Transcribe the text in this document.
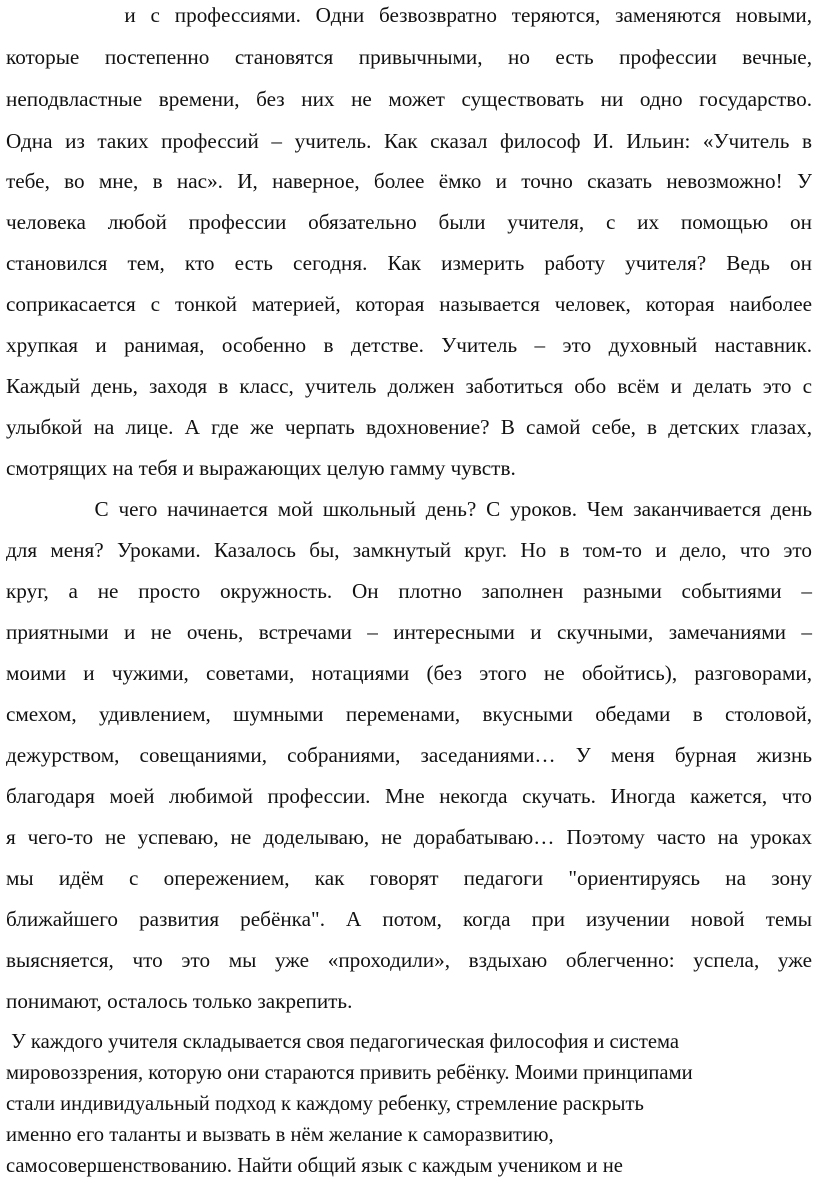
и с профессиями. Одни безвозвратно теряются, заменяются новыми,
которые постепенно становятся привычными, но есть профессии вечные,
неподвластные времени, без них не может существовать ни одно государство.
Одна из таких профессий – учитель. Как сказал философ И. Ильин: «Учитель в
тебе, во мне, в нас». И, наверное, более ёмко и точно сказать невозможно! У
человека любой профессии обязательно были учителя, с их помощью он
становился тем, кто есть сегодня. Как измерить работу учителя? Ведь он
соприкасается с тонкой материей, которая называется человек, которая наиболее
хрупкая и ранимая, особенно в детстве. Учитель – это духовный наставник.
Каждый день, заходя в класс, учитель должен заботиться обо всём и делать это с
улыбкой на лице. А где же черпать вдохновение? В самой себе, в детских глазах,
смотрящих на тебя и выражающих целую гамму чувств.
С чего начинается мой школьный день? С уроков. Чем заканчивается день
для меня? Уроками. Казалось бы, замкнутый круг. Но в том-то и дело, что это
круг, а не просто окружность. Он плотно заполнен разными событиями –
приятными и не очень, встречами – интересными и скучными, замечаниями –
моими и чужими, советами, нотациями (без этого не обойтись), разговорами,
смехом, удивлением, шумными переменами, вкусными обедами в столовой,
дежурством, совещаниями, собраниями, заседаниями… У меня бурная жизнь
благодаря моей любимой профессии. Мне некогда скучать. Иногда кажется, что
я чего-то не успеваю, не доделываю, не дорабатываю… Поэтому часто на уроках
мы идём с опережением, как говорят педагоги "ориентируясь на зону
ближайшего развития ребёнка". А потом, когда при изучении новой темы
выясняется, что это мы уже «проходили», вздыхаю облегченно: успела, уже
понимают, осталось только закрепить.
У каждого учителя складывается своя педагогическая философия и система
мировоззрения, которую они стараются привить ребёнку. Моими принципами
стали индивидуальный подход к каждому ребенку, стремление раскрыть
именно его таланты и вызвать в нём желание к саморазвитию,
самосовершенствованию. Найти общий язык с каждым учеником и не
